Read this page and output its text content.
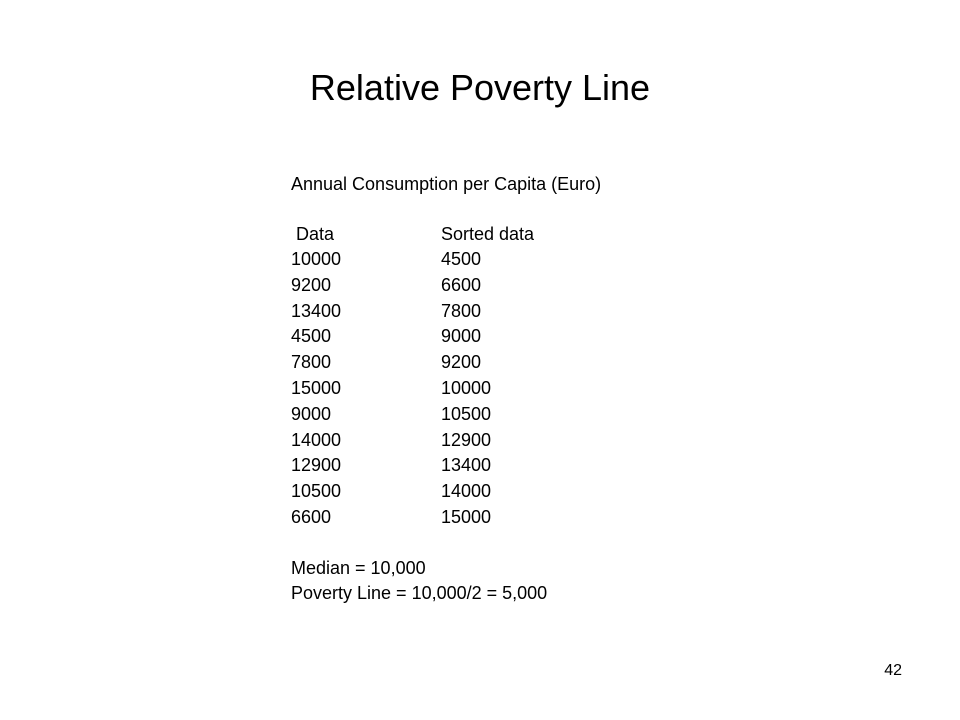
Relative Poverty Line
Annual Consumption per Capita (Euro)
Data	Sorted data
10000	4500
9200	6600
13400	7800
4500	9000
7800	9200
15000	10000
9000	10500
14000	12900
12900	13400
10500	14000
6600	15000
Median = 10,000
Poverty Line = 10,000/2 = 5,000
42
